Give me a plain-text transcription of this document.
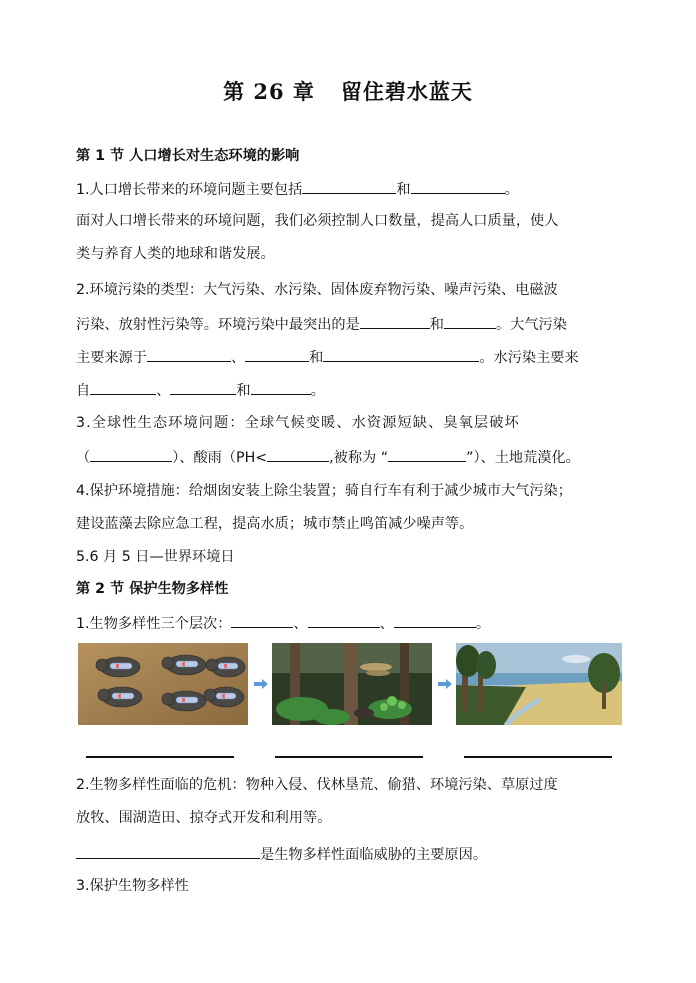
第 26 章 留住碧水蓝天
第 1 节 人口增长对生态环境的影响
1.人口增长带来的环境问题主要包括	和	。
面对人口增长带来的环境问题，我们必须控制人口数量，提高人口质量，使人
类与养育人类的地球和谐发展。
2.环境污染的类型：大气污染、水污染、固体废弃物污染、噪声污染、电磁波
污染、放射性污染等。环境污染中最突出的是	和	。大气污染
主要来源于	、	和	。水污染主要来
自	、	和	。
3.全球性生态环境问题：全球气候变暖、水资源短缺、臭氧层破坏
（	）、酸雨（PH<	,被称为 “	”）、土地荒漠化。
4.保护环境措施：给烟囱安装上除尘装置；骑自行车有利于减少城市大气污染；
建设蓝藻去除应急工程，提高水质；城市禁止鸣笛减少噪声等。
5.6 月 5 日—世界环境日
第 2 节 保护生物多样性
1.生物多样性三个层次：	、	、	。
2.生物多样性面临的危机：物种入侵、伐林垦荒、偷猎、环境污染、草原过度
放牧、围湖造田、掠夺式开发和利用等。
是生物多样性面临威胁的主要原因。
3.保护生物多样性
